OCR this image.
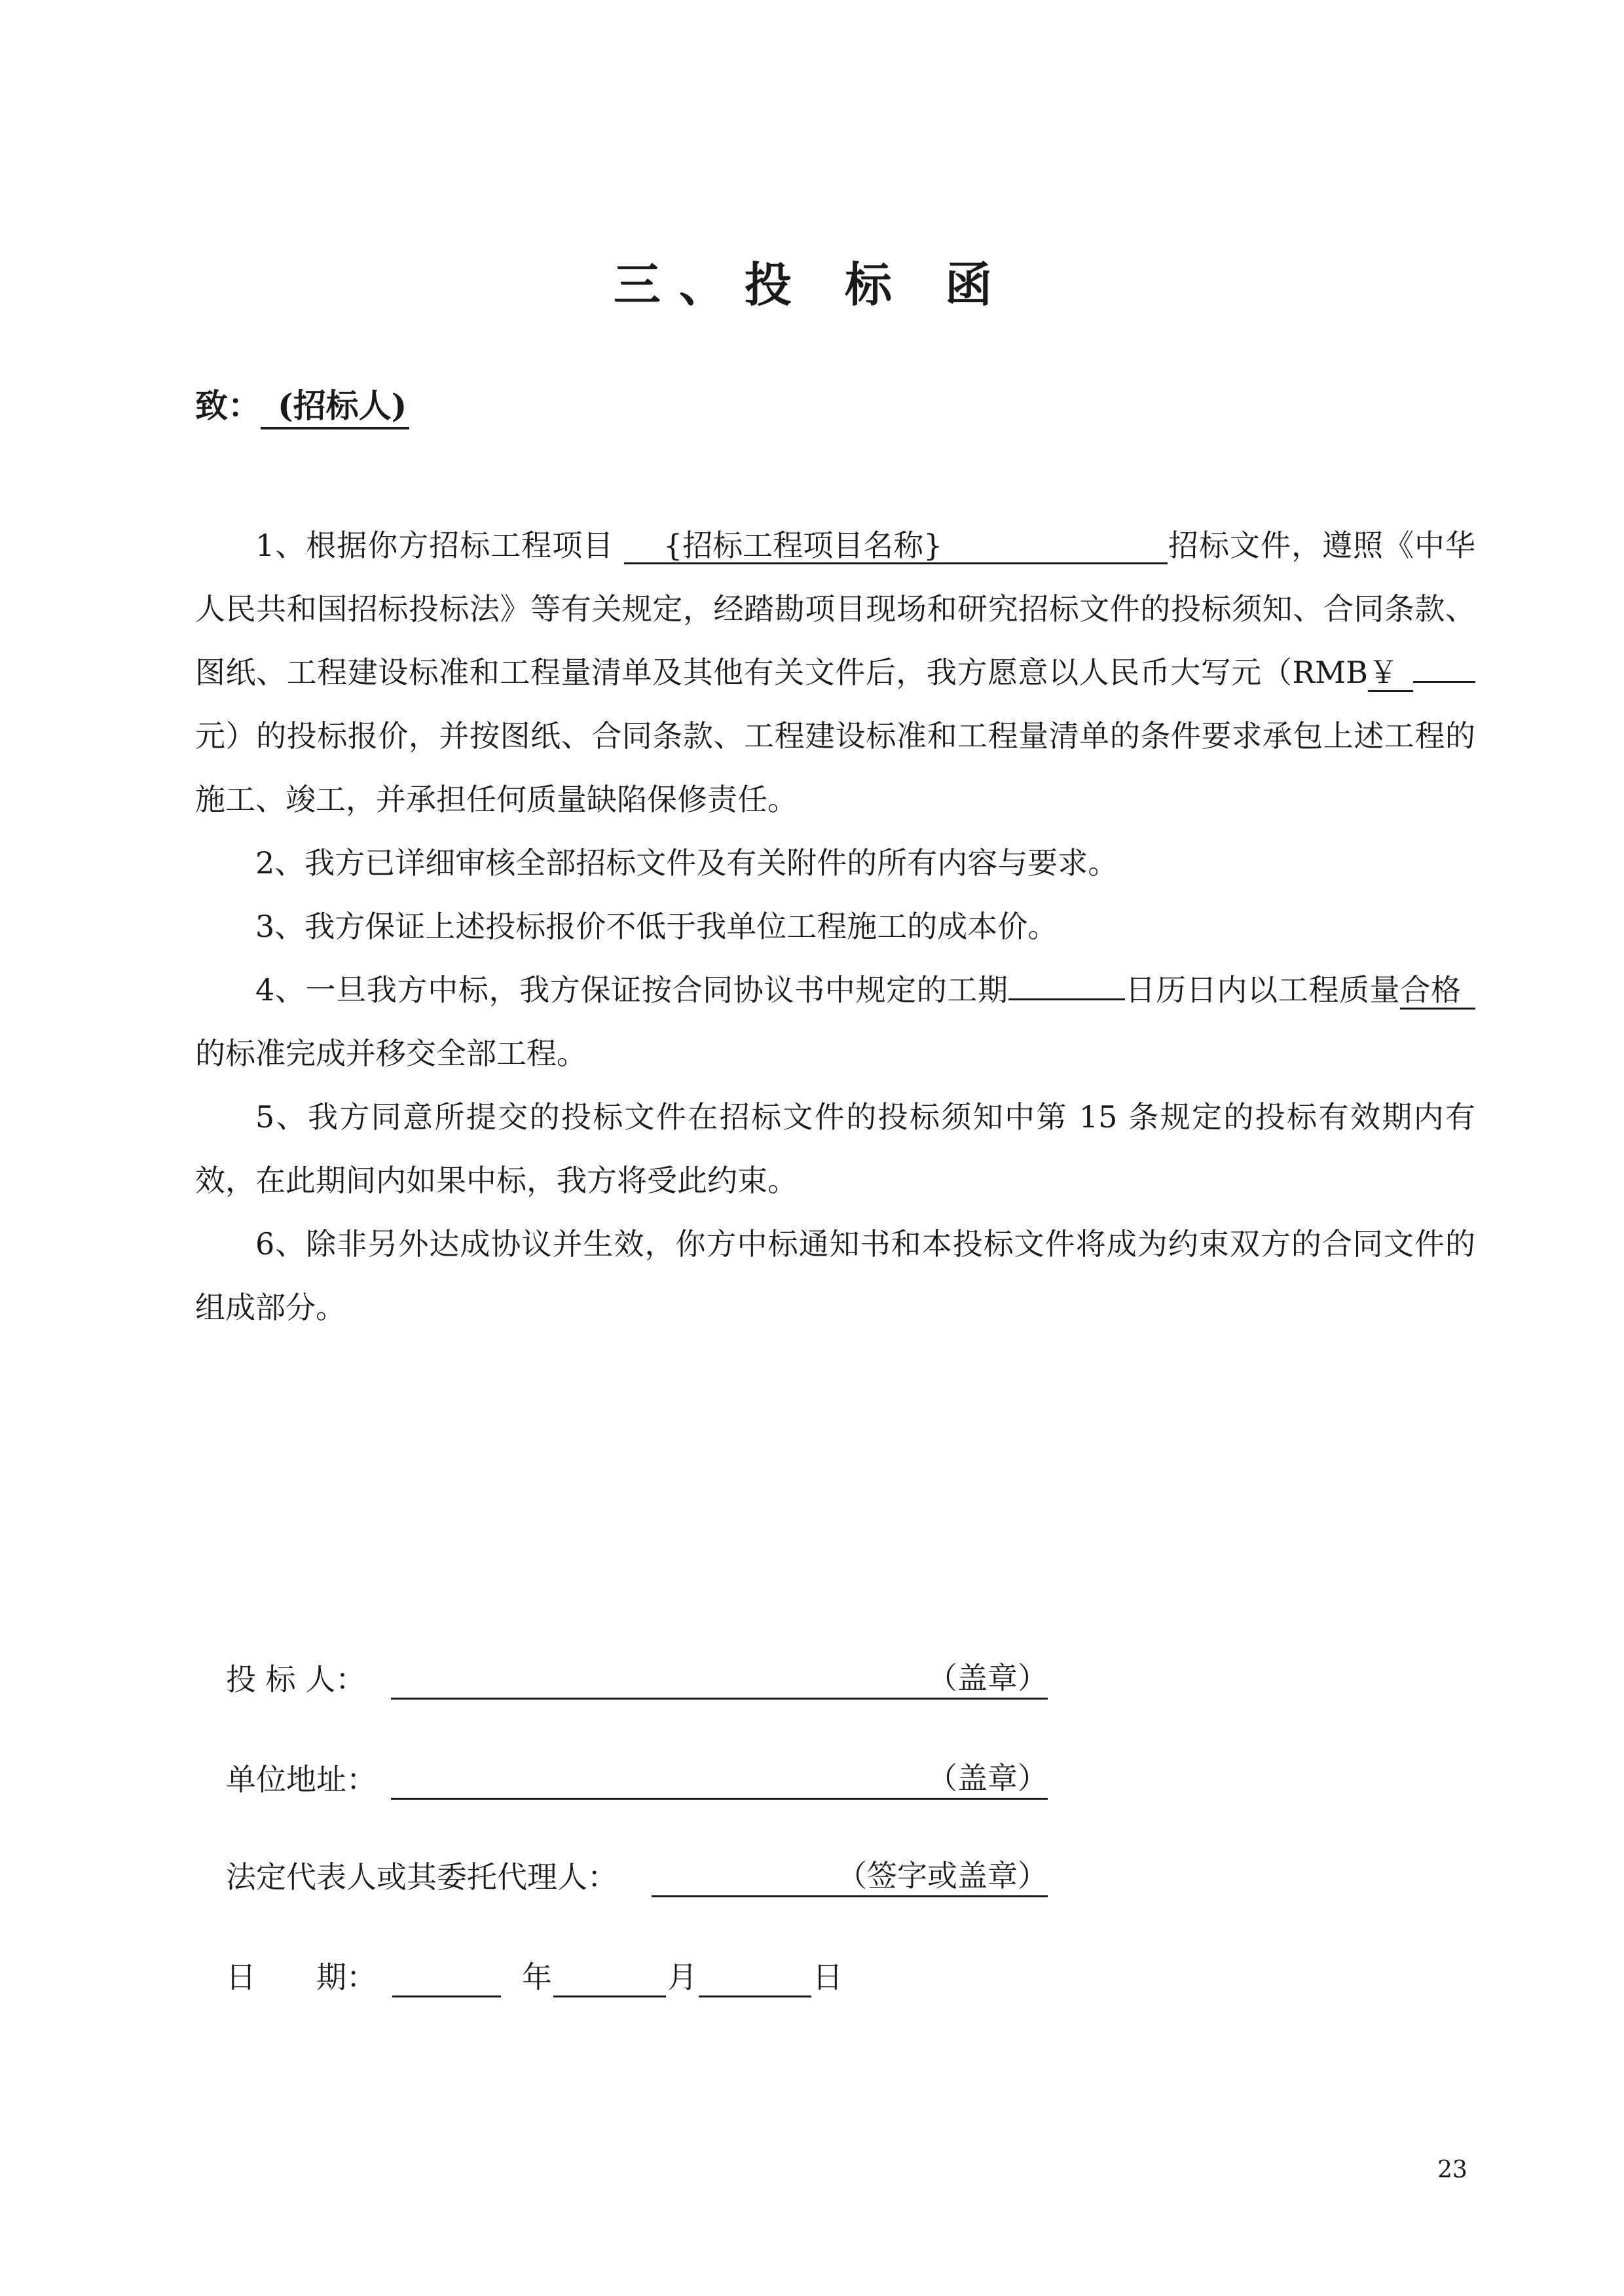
三、投 标 函
致： (招标人)

1、根据你方招标工程项目 {招标工程项目名称}	招标文件，遵照《中华人民共和国招标投标法》等有关规定，经踏勘项目现场和研究招标文件的投标须知、合同条款、图纸、工程建设标准和工程量清单及其他有关文件后，我方愿意以人民币大写元（RMB￥元）的投标报价，并按图纸、合同条款、工程建设标准和工程量清单的条件要求承包上述工程的施工、竣工，并承担任何质量缺陷保修责任。

2、我方已详细审核全部招标文件及有关附件的所有内容与要求。

3、我方保证上述投标报价不低于我单位工程施工的成本价。

4、一旦我方中标，我方保证按合同协议书中规定的工期	日历日内以工程质量合格的标准完成并移交全部工程。

5、我方同意所提交的投标文件在招标文件的投标须知中第 15 条规定的投标有效期内有效，在此期间内如果中标，我方将受此约束。

6、除非另外达成协议并生效，你方中标通知书和本投标文件将成为约束双方的合同文件的组成部分。

投 标 人：	（盖章）
单位地址：	（盖章）
法定代表人或其委托代理人：	（签字或盖章）
日　　期：	年	月	日
23
